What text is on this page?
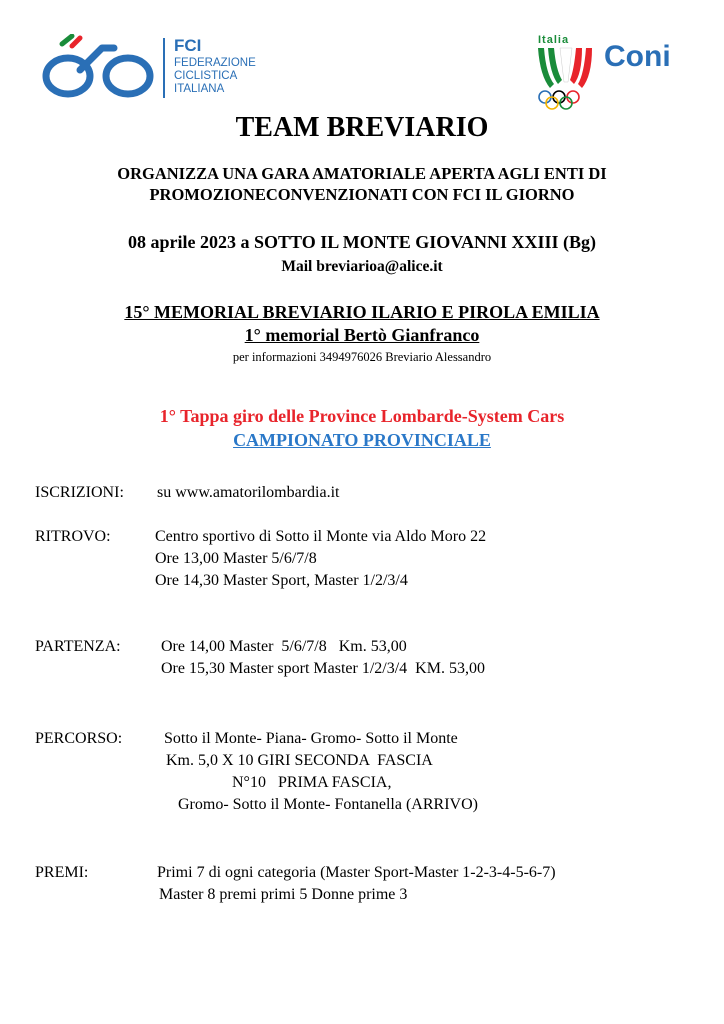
FCI
FEDERAZIONE
CICLISTICA
ITALIANA
Italia Coni
TEAM BREVIARIO
ORGANIZZA UNA GARA AMATORIALE APERTA AGLI ENTI DI
PROMOZIONECONVENZIONATI CON FCI IL GIORNO
08 aprile 2023 a SOTTO IL MONTE GIOVANNI XXIII (Bg)
Mail breviarioa@alice.it
15° MEMORIAL BREVIARIO ILARIO E PIROLA EMILIA
1° memorial Bertò Gianfranco
per informazioni 3494976026 Breviario Alessandro
1° Tappa giro delle Province Lombarde-System Cars
CAMPIONATO PROVINCIALE
ISCRIZIONI: su www.amatorilombardia.it
RITROVO:	Centro sportivo di Sotto il Monte via Aldo Moro 22
Ore 13,00 Master 5/6/7/8
Ore 14,30 Master Sport, Master 1/2/3/4
PARTENZA:	Ore 14,00 Master  5/6/7/8   Km. 53,00
Ore 15,30 Master sport Master 1/2/3/4  KM. 53,00
PERCORSO:	Sotto il Monte- Piana- Gromo- Sotto il Monte
Km. 5,0 X 10 GIRI SECONDA  FASCIA
N°10   PRIMA FASCIA,
Gromo- Sotto il Monte- Fontanella (ARRIVO)
PREMI:	Primi 7 di ogni categoria (Master Sport-Master 1-2-3-4-5-6-7)
Master 8 premi primi 5 Donne prime 3
